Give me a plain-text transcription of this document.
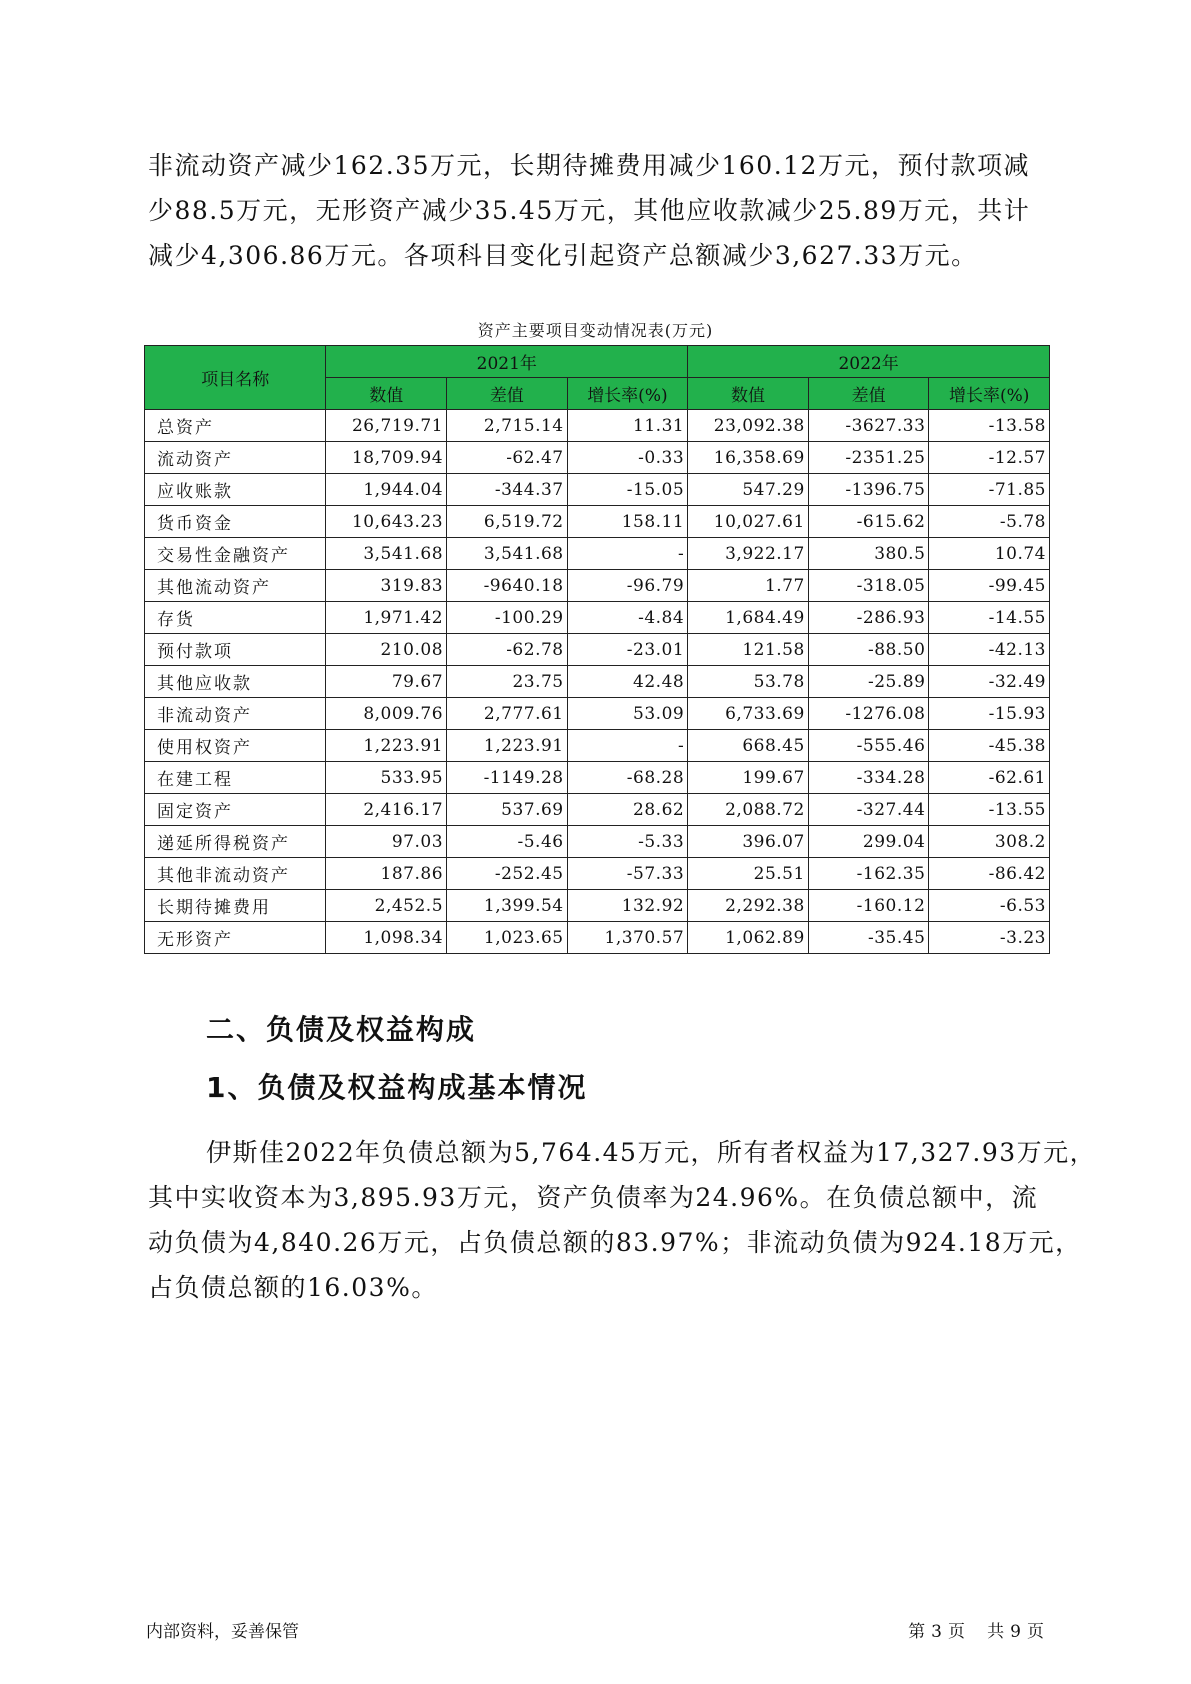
非流动资产减少162.35万元，长期待摊费用减少160.12万元，预付款项减
少88.5万元，无形资产减少35.45万元，其他应收款减少25.89万元，共计
减少4,306.86万元。各项科目变化引起资产总额减少3,627.33万元。
资产主要项目变动情况表(万元)
项目名称	2021年			2022年		
	数值	差值	增长率(%)	数值	差值	增长率(%)
总资产	26,719.71	2,715.14	11.31	23,092.38	-3627.33	-13.58
流动资产	18,709.94	-62.47	-0.33	16,358.69	-2351.25	-12.57
应收账款	1,944.04	-344.37	-15.05	547.29	-1396.75	-71.85
货币资金	10,643.23	6,519.72	158.11	10,027.61	-615.62	-5.78
交易性金融资产	3,541.68	3,541.68	-	3,922.17	380.5	10.74
其他流动资产	319.83	-9640.18	-96.79	1.77	-318.05	-99.45
存货	1,971.42	-100.29	-4.84	1,684.49	-286.93	-14.55
预付款项	210.08	-62.78	-23.01	121.58	-88.50	-42.13
其他应收款	79.67	23.75	42.48	53.78	-25.89	-32.49
非流动资产	8,009.76	2,777.61	53.09	6,733.69	-1276.08	-15.93
使用权资产	1,223.91	1,223.91	-	668.45	-555.46	-45.38
在建工程	533.95	-1149.28	-68.28	199.67	-334.28	-62.61
固定资产	2,416.17	537.69	28.62	2,088.72	-327.44	-13.55
递延所得税资产	97.03	-5.46	-5.33	396.07	299.04	308.2
其他非流动资产	187.86	-252.45	-57.33	25.51	-162.35	-86.42
长期待摊费用	2,452.5	1,399.54	132.92	2,292.38	-160.12	-6.53
无形资产	1,098.34	1,023.65	1,370.57	1,062.89	-35.45	-3.23
二、负债及权益构成
1、负债及权益构成基本情况
伊斯佳2022年负债总额为5,764.45万元，所有者权益为17,327.93万元，
其中实收资本为3,895.93万元，资产负债率为24.96%。在负债总额中，流
动负债为4,840.26万元，占负债总额的83.97%；非流动负债为924.18万元，
占负债总额的16.03%。
内部资料，妥善保管	第 3 页 共 9 页
